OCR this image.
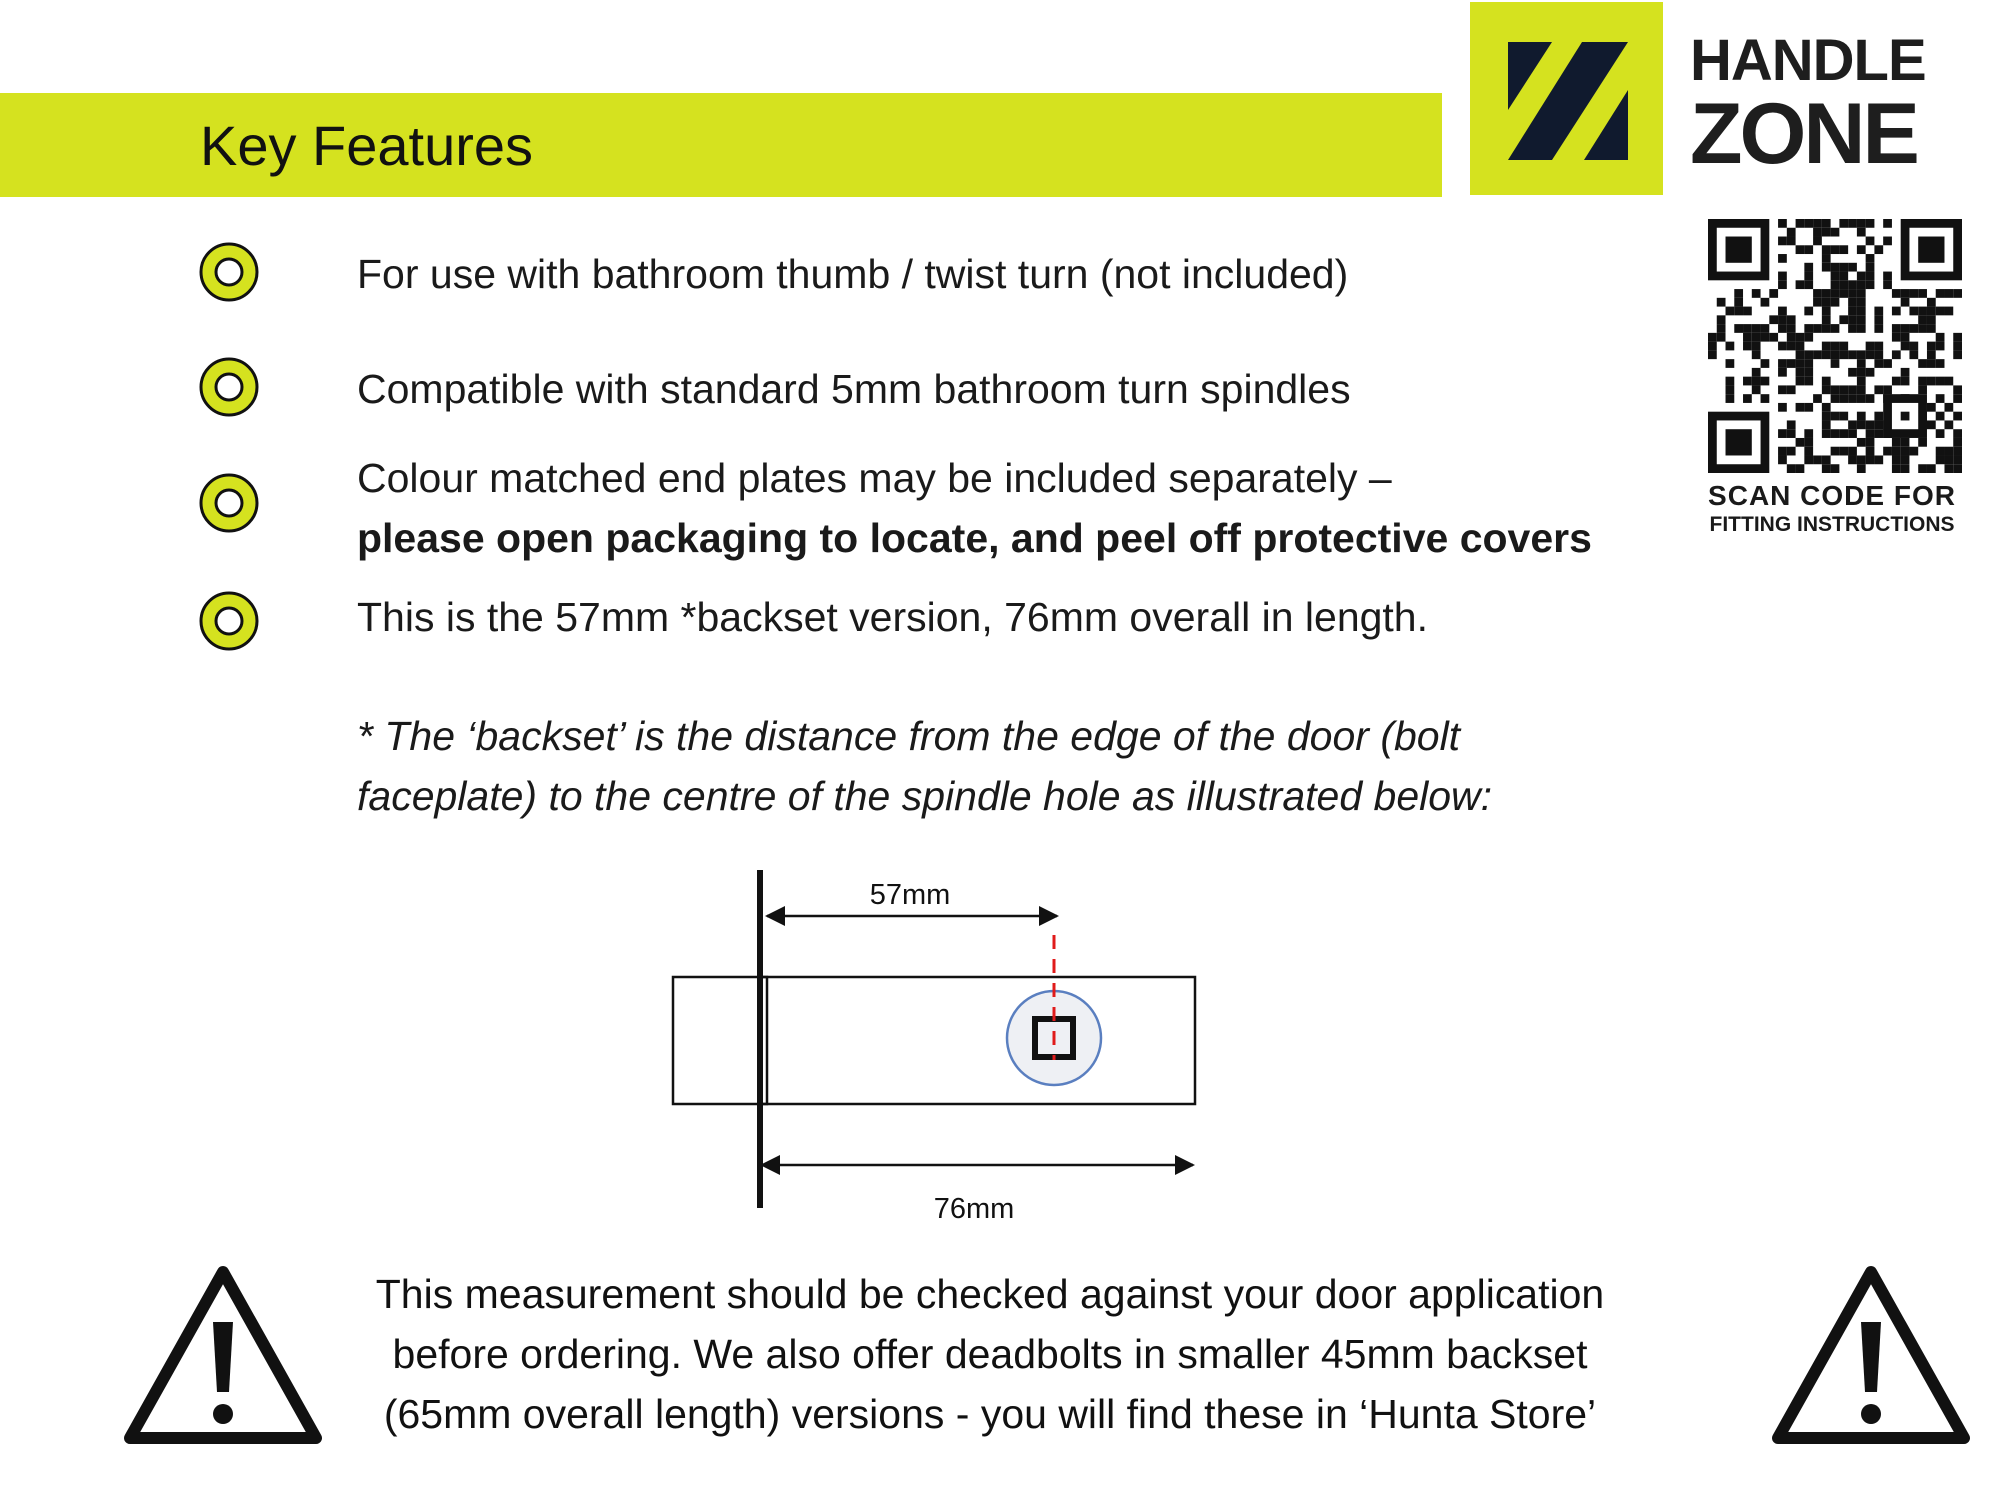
Key Features
HANDLE
ZONE
SCAN CODE FOR
FITTING INSTRUCTIONS
For use with bathroom thumb / twist turn (not included)
Compatible with standard 5mm bathroom turn spindles
Colour matched end plates may be included separately –
please open packaging to locate, and peel off protective covers
This is the 57mm *backset version, 76mm overall in length.
* The ‘backset’ is the distance from the edge of the door (bolt
faceplate) to the centre of the spindle hole as illustrated below:
57mm
76mm
This measurement should be checked against your door application
before ordering. We also offer deadbolts in smaller 45mm backset
(65mm overall length) versions - you will find these in ‘Hunta Store’
